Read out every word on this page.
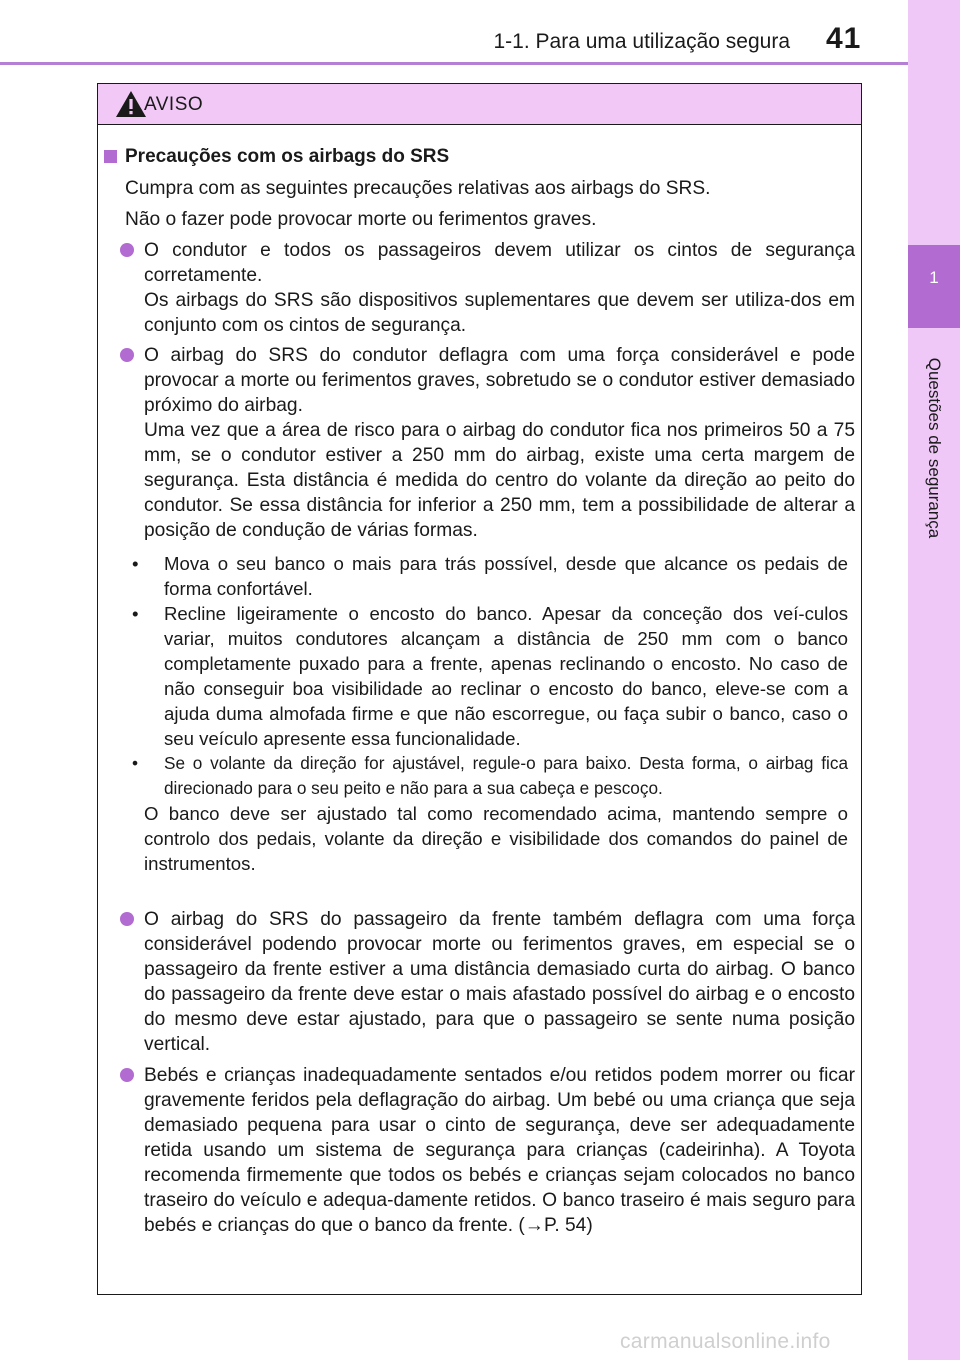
1-1. Para uma utilização segura 41
1
Questões de segurança
AVISO
Precauções com os airbags do SRS
Cumpra com as seguintes precauções relativas aos airbags do SRS.
Não o fazer pode provocar morte ou ferimentos graves.
O condutor e todos os passageiros devem utilizar os cintos de segurança corretamente.
Os airbags do SRS são dispositivos suplementares que devem ser utiliza-dos em conjunto com os cintos de segurança.
O airbag do SRS do condutor deflagra com uma força considerável e pode provocar a morte ou ferimentos graves, sobretudo se o condutor estiver demasiado próximo do airbag.
Uma vez que a área de risco para o airbag do condutor fica nos primeiros 50 a 75 mm, se o condutor estiver a 250 mm do airbag, existe uma certa margem de segurança. Esta distância é medida do centro do volante da direção ao peito do condutor. Se essa distância for inferior a 250 mm, tem a possibilidade de alterar a posição de condução de várias formas.
• Mova o seu banco o mais para trás possível, desde que alcance os pedais de forma confortável.
• Recline ligeiramente o encosto do banco. Apesar da conceção dos veí-culos variar, muitos condutores alcançam a distância de 250 mm com o banco completamente puxado para a frente, apenas reclinando o encosto. No caso de não conseguir boa visibilidade ao reclinar o encosto do banco, eleve-se com a ajuda duma almofada firme e que não escorregue, ou faça subir o banco, caso o seu veículo apresente essa funcionalidade.
• Se o volante da direção for ajustável, regule-o para baixo. Desta forma, o airbag fica direcionado para o seu peito e não para a sua cabeça e pescoço.
O banco deve ser ajustado tal como recomendado acima, mantendo sempre o controlo dos pedais, volante da direção e visibilidade dos comandos do painel de instrumentos.
O airbag do SRS do passageiro da frente também deflagra com uma força considerável podendo provocar morte ou ferimentos graves, em especial se o passageiro da frente estiver a uma distância demasiado curta do airbag. O banco do passageiro da frente deve estar o mais afastado possível do airbag e o encosto do mesmo deve estar ajustado, para que o passageiro se sente numa posição vertical.
Bebés e crianças inadequadamente sentados e/ou retidos podem morrer ou ficar gravemente feridos pela deflagração do airbag. Um bebé ou uma criança que seja demasiado pequena para usar o cinto de segurança, deve ser adequadamente retida usando um sistema de segurança para crianças (cadeirinha). A Toyota recomenda firmemente que todos os bebés e crianças sejam colocados no banco traseiro do veículo e adequa-damente retidos. O banco traseiro é mais seguro para bebés e crianças do que o banco da frente. (→P. 54)
carmanualsonline.info
